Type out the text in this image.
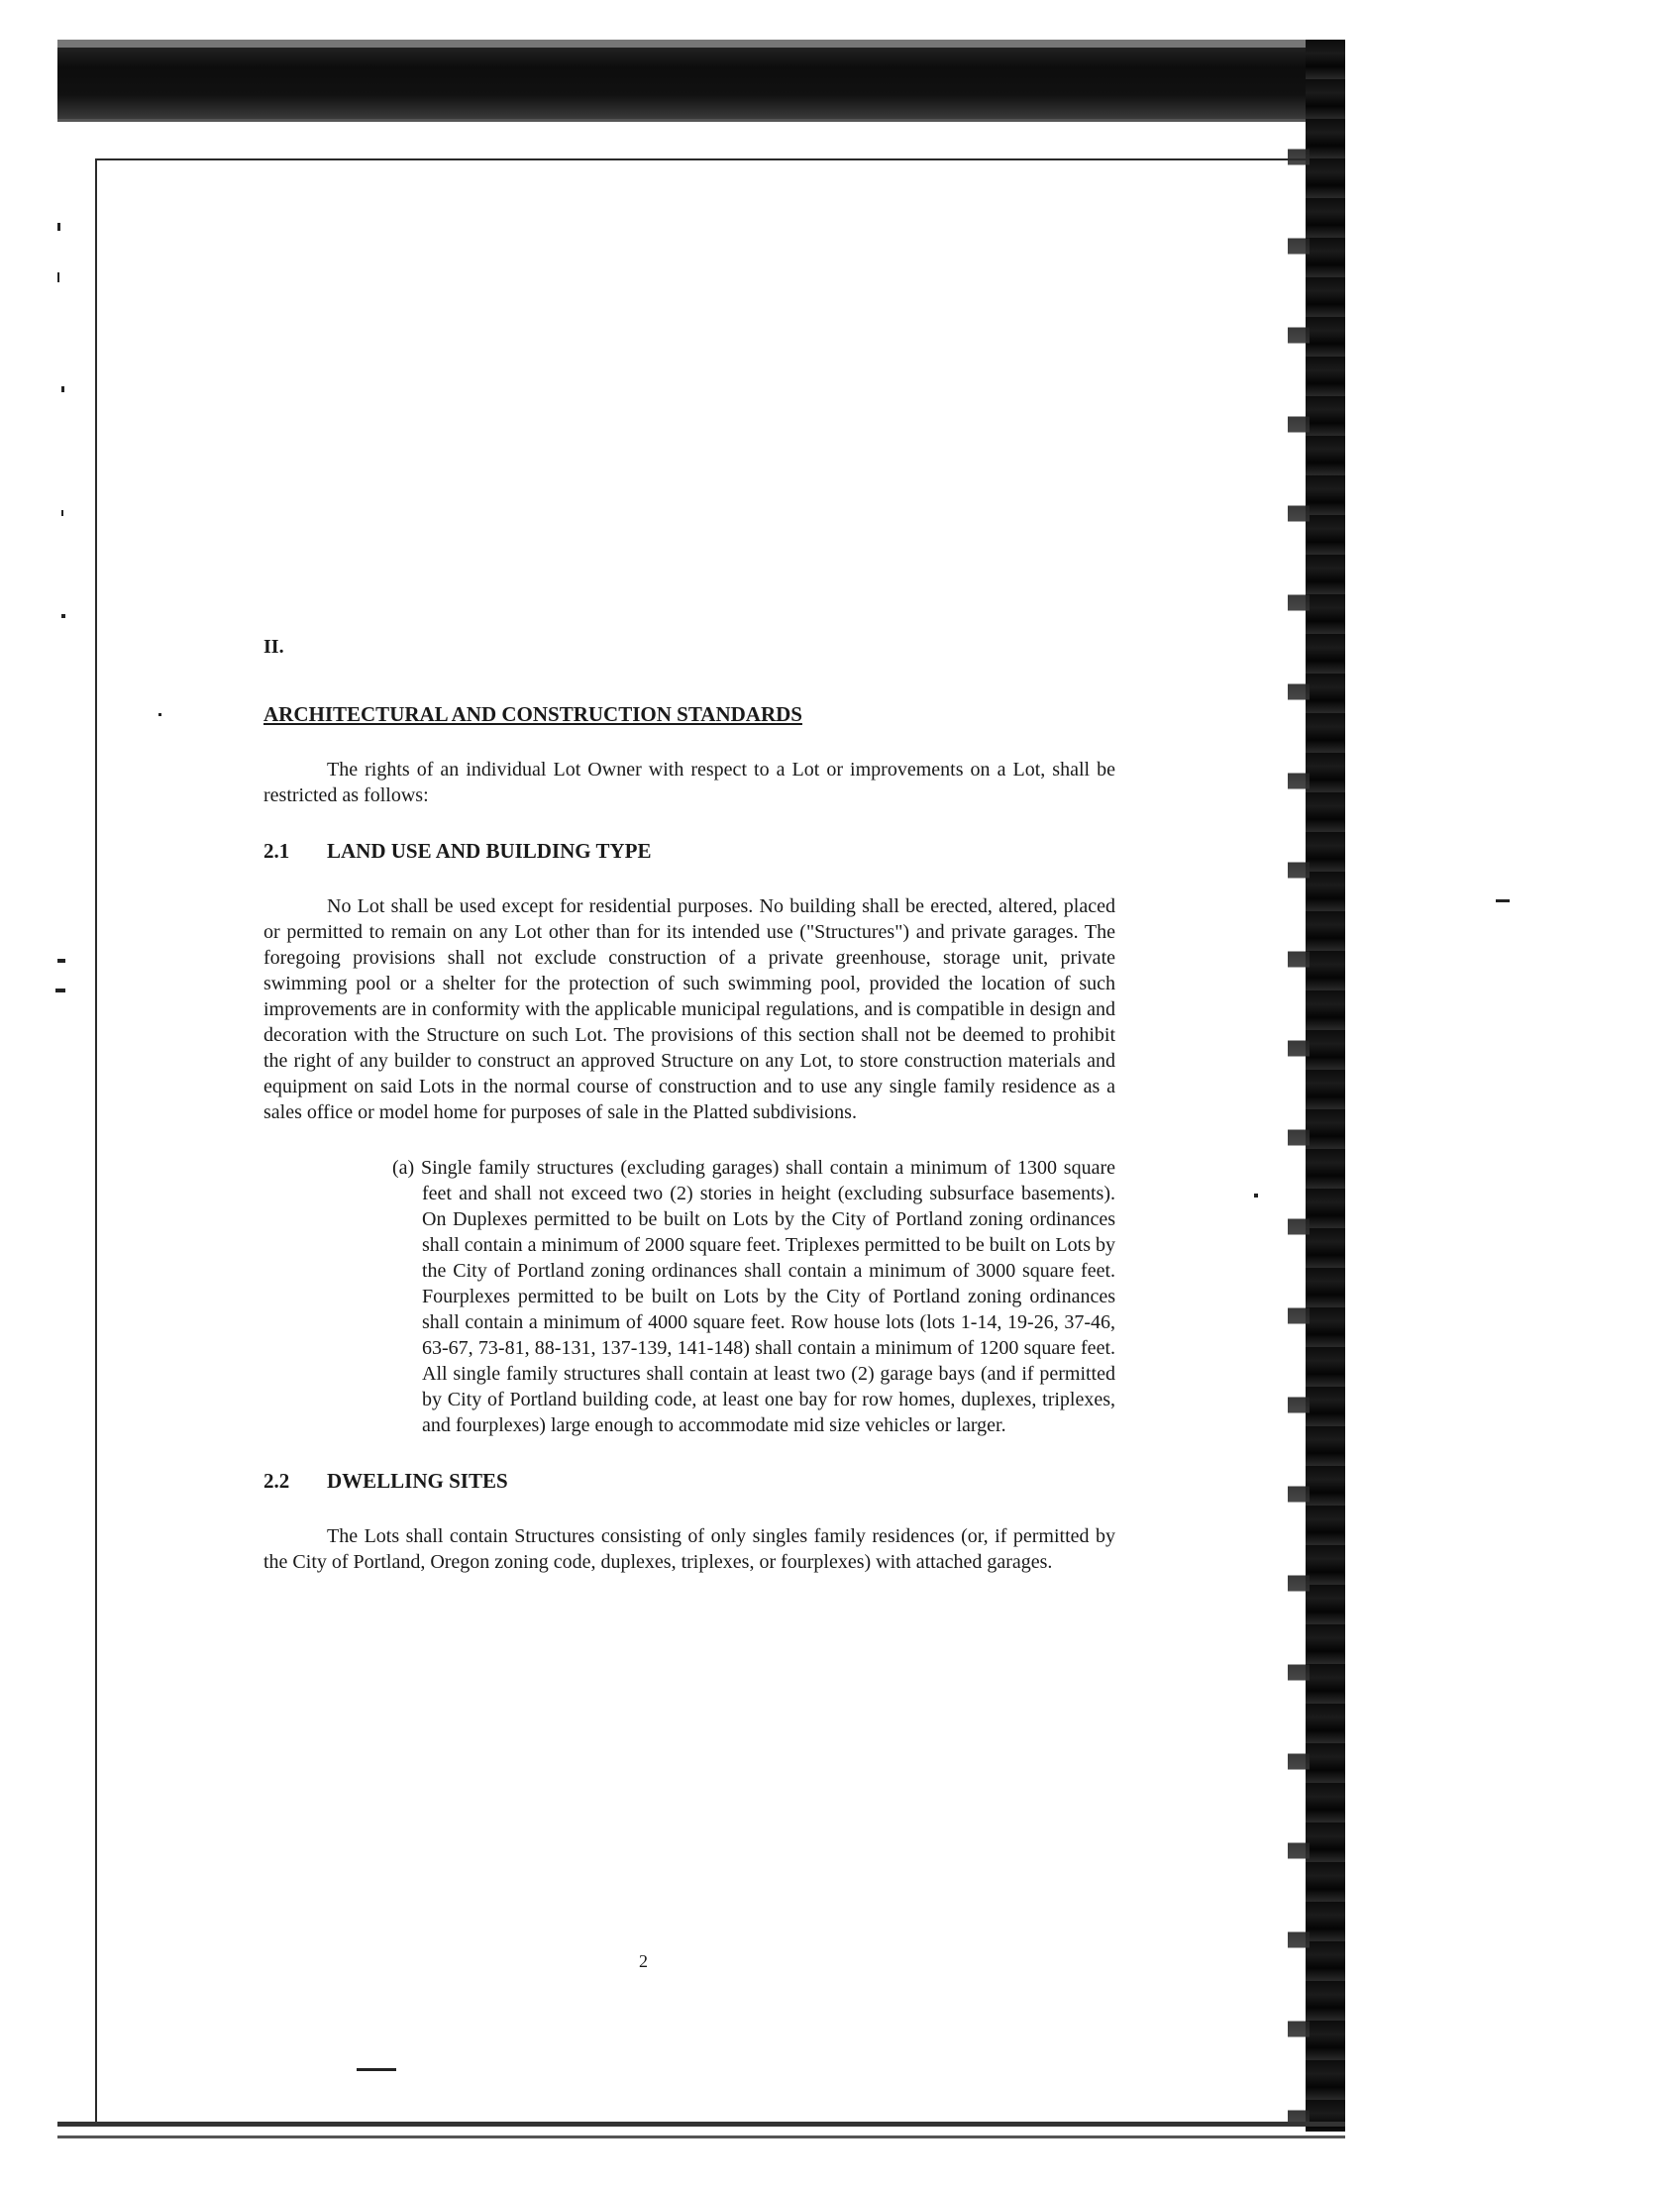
II.
ARCHITECTURAL AND CONSTRUCTION STANDARDS

The rights of an individual Lot Owner with respect to a Lot or improvements on a Lot, shall be restricted as follows:

2.1	LAND USE AND BUILDING TYPE

No Lot shall be used except for residential purposes. No building shall be erected, altered, placed or permitted to remain on any Lot other than for its intended use ("Structures") and private garages. The foregoing provisions shall not exclude construction of a private greenhouse, storage unit, private swimming pool or a shelter for the protection of such swimming pool, provided the location of such improvements are in conformity with the applicable municipal regulations, and is compatible in design and decoration with the Structure on such Lot. The provisions of this section shall not be deemed to prohibit the right of any builder to construct an approved Structure on any Lot, to store construction materials and equipment on said Lots in the normal course of construction and to use any single family residence as a sales office or model home for purposes of sale in the Platted subdivisions.

(a) Single family structures (excluding garages) shall contain a minimum of 1300 square feet and shall not exceed two (2) stories in height (excluding subsurface basements). On Duplexes permitted to be built on Lots by the City of Portland zoning ordinances shall contain a minimum of 2000 square feet. Triplexes permitted to be built on Lots by the City of Portland zoning ordinances shall contain a minimum of 3000 square feet. Fourplexes permitted to be built on Lots by the City of Portland zoning ordinances shall contain a minimum of 4000 square feet. Row house lots (lots 1-14, 19-26, 37-46, 63-67, 73-81, 88-131, 137-139, 141-148) shall contain a minimum of 1200 square feet. All single family structures shall contain at least two (2) garage bays (and if permitted by City of Portland building code, at least one bay for row homes, duplexes, triplexes, and fourplexes) large enough to accommodate mid size vehicles or larger.

2.2	DWELLING SITES

The Lots shall contain Structures consisting of only singles family residences (or, if permitted by the City of Portland, Oregon zoning code, duplexes, triplexes, or fourplexes) with attached garages.

2
